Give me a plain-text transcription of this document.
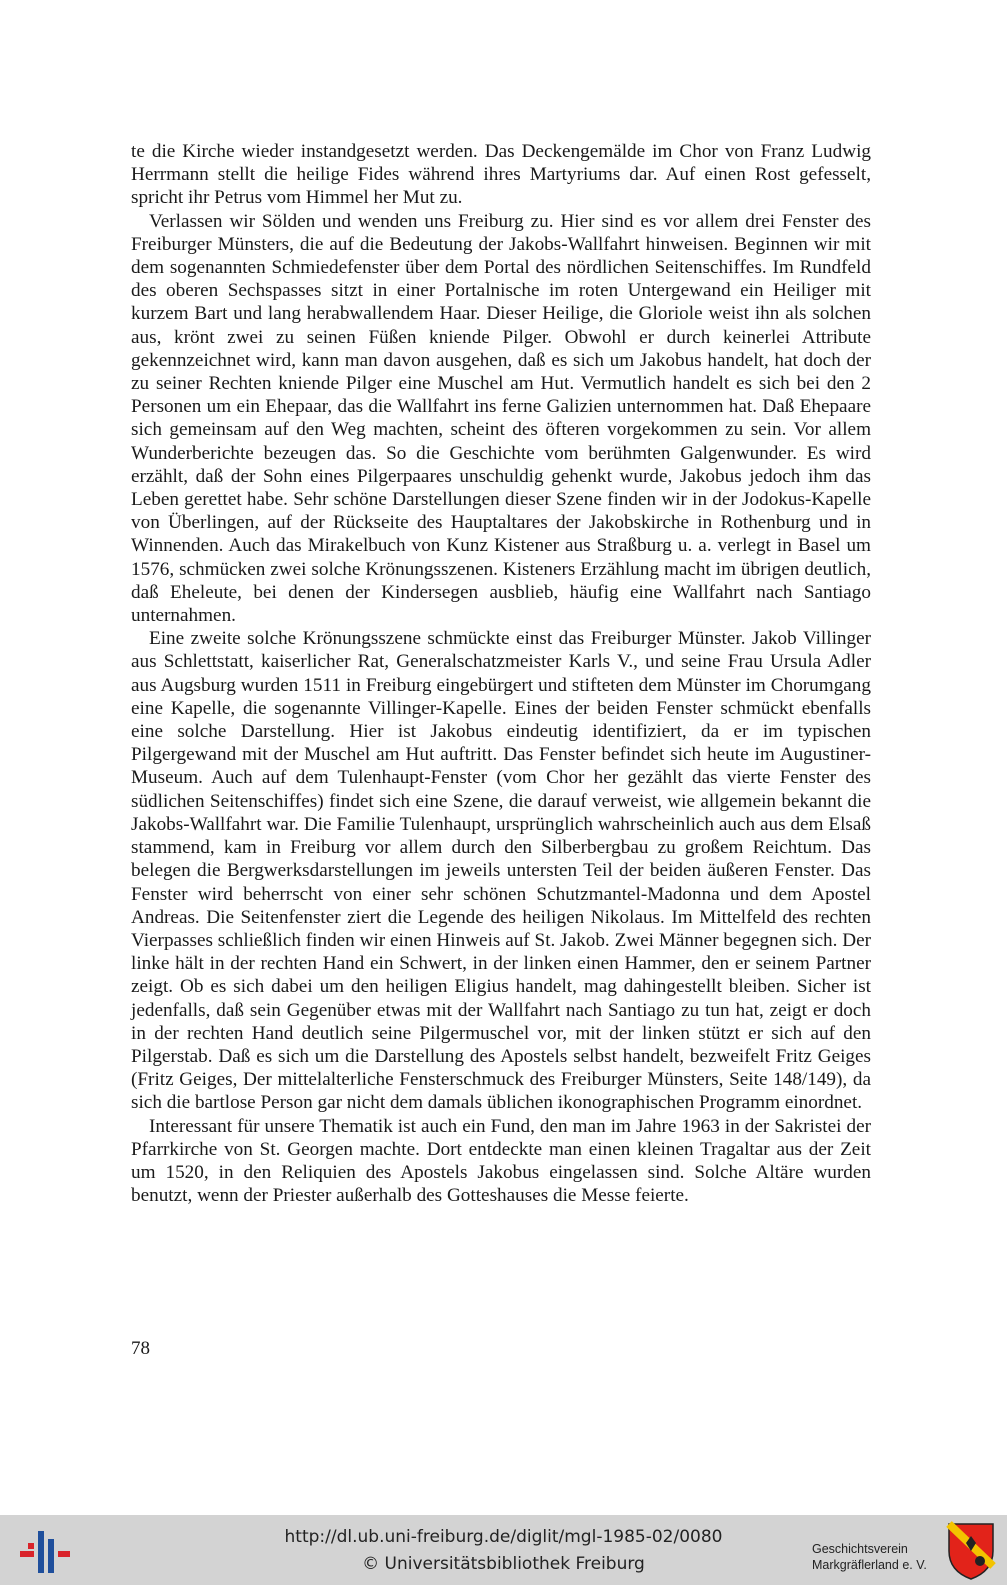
te die Kirche wieder instandgesetzt werden. Das Deckengemälde im Chor von Franz Ludwig Herrmann stellt die heilige Fides während ihres Martyriums dar. Auf einen Rost gefesselt, spricht ihr Petrus vom Himmel her Mut zu.

Verlassen wir Sölden und wenden uns Freiburg zu. Hier sind es vor allem drei Fenster des Freiburger Münsters, die auf die Bedeutung der Jakobs-Wallfahrt hinweisen. Beginnen wir mit dem sogenannten Schmiedefenster über dem Portal des nördlichen Seitenschiffes. Im Rundfeld des oberen Sechspasses sitzt in einer Portalnische im roten Untergewand ein Heiliger mit kurzem Bart und lang herabwallendem Haar. Dieser Heilige, die Gloriole weist ihn als solchen aus, krönt zwei zu seinen Füßen kniende Pilger. Obwohl er durch keinerlei Attribute gekennzeichnet wird, kann man davon ausgehen, daß es sich um Jakobus handelt, hat doch der zu seiner Rechten kniende Pilger eine Muschel am Hut. Vermutlich handelt es sich bei den 2 Personen um ein Ehepaar, das die Wallfahrt ins ferne Galizien unternommen hat. Daß Ehepaare sich gemeinsam auf den Weg machten, scheint des öfteren vorgekommen zu sein. Vor allem Wunderberichte bezeugen das. So die Geschichte vom berühmten Galgenwunder. Es wird erzählt, daß der Sohn eines Pilgerpaares unschuldig gehenkt wurde, Jakobus jedoch ihm das Leben gerettet habe. Sehr schöne Darstellungen dieser Szene finden wir in der Jodokus-Kapelle von Überlingen, auf der Rückseite des Hauptaltares der Jakobskirche in Rothenburg und in Winnenden. Auch das Mirakelbuch von Kunz Kistener aus Straßburg u. a. verlegt in Basel um 1576, schmücken zwei solche Krönungsszenen. Kisteners Erzählung macht im übrigen deutlich, daß Eheleute, bei denen der Kindersegen ausblieb, häufig eine Wallfahrt nach Santiago unternahmen.

Eine zweite solche Krönungsszene schmückte einst das Freiburger Münster. Jakob Villinger aus Schlettstatt, kaiserlicher Rat, Generalschatzmeister Karls V., und seine Frau Ursula Adler aus Augsburg wurden 1511 in Freiburg eingebürgert und stifteten dem Münster im Chorumgang eine Kapelle, die sogenannte Villinger-Kapelle. Eines der beiden Fenster schmückt ebenfalls eine solche Darstellung. Hier ist Jakobus eindeutig identifiziert, da er im typischen Pilgergewand mit der Muschel am Hut auftritt. Das Fenster befindet sich heute im Augustiner-Museum. Auch auf dem Tulenhaupt-Fenster (vom Chor her gezählt das vierte Fenster des südlichen Seitenschiffes) findet sich eine Szene, die darauf verweist, wie allgemein bekannt die Jakobs-Wallfahrt war. Die Familie Tulenhaupt, ursprünglich wahrscheinlich auch aus dem Elsaß stammend, kam in Freiburg vor allem durch den Silberbergbau zu großem Reichtum. Das belegen die Bergwerksdarstellungen im jeweils untersten Teil der beiden äußeren Fenster. Das Fenster wird beherrscht von einer sehr schönen Schutzmantel-Madonna und dem Apostel Andreas. Die Seitenfenster ziert die Legende des heiligen Nikolaus. Im Mittelfeld des rechten Vierpasses schließlich finden wir einen Hinweis auf St. Jakob. Zwei Männer begegnen sich. Der linke hält in der rechten Hand ein Schwert, in der linken einen Hammer, den er seinem Partner zeigt. Ob es sich dabei um den heiligen Eligius handelt, mag dahingestellt bleiben. Sicher ist jedenfalls, daß sein Gegenüber etwas mit der Wallfahrt nach Santiago zu tun hat, zeigt er doch in der rechten Hand deutlich seine Pilgermuschel vor, mit der linken stützt er sich auf den Pilgerstab. Daß es sich um die Darstellung des Apostels selbst handelt, bezweifelt Fritz Geiges (Fritz Geiges, Der mittelalterliche Fensterschmuck des Freiburger Münsters, Seite 148/149), da sich die bartlose Person gar nicht dem damals üblichen ikonographischen Programm einordnet.

Interessant für unsere Thematik ist auch ein Fund, den man im Jahre 1963 in der Sakristei der Pfarrkirche von St. Georgen machte. Dort entdeckte man einen kleinen Tragaltar aus der Zeit um 1520, in den Reliquien des Apostels Jakobus eingelassen sind. Solche Altäre wurden benutzt, wenn der Priester außerhalb des Gotteshauses die Messe feierte.

78
http://dl.ub.uni-freiburg.de/diglit/mgl-1985-02/0080
© Universitätsbibliothek Freiburg
Geschichtsverein
Markgräflerland e. V.
